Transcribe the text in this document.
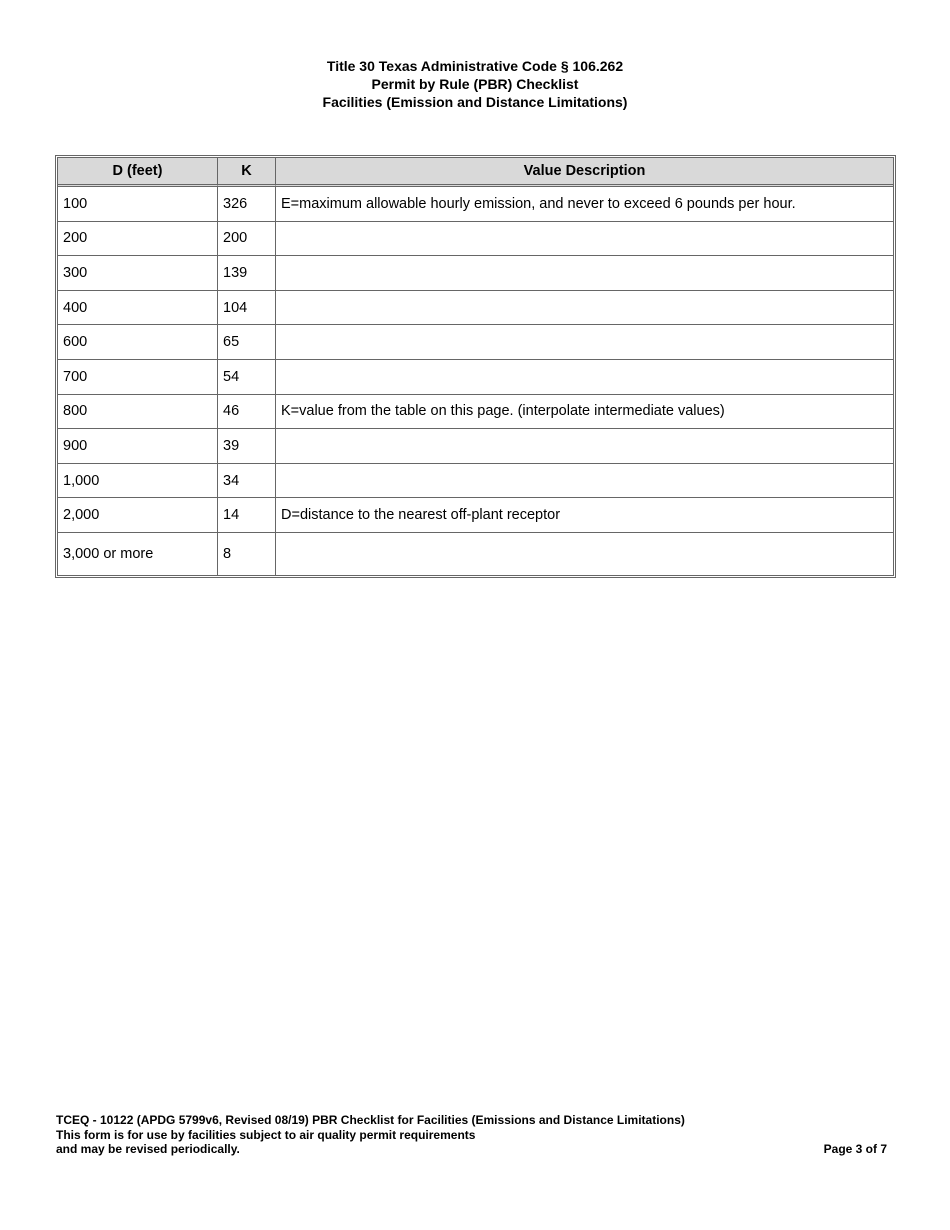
Title 30 Texas Administrative Code § 106.262
Permit by Rule (PBR) Checklist
Facilities (Emission and Distance Limitations)
D (feet)	K	Value Description
100	326	E=maximum allowable hourly emission, and never to exceed 6 pounds per hour.
200	200	
300	139	
400	104	
600	65	
700	54	
800	46	K=value from the table on this page. (interpolate intermediate values)
900	39	
1,000	34	
2,000	14	D=distance to the nearest off-plant receptor
3,000 or more	8	
TCEQ - 10122 (APDG 5799v6, Revised 08/19) PBR Checklist for Facilities (Emissions and Distance Limitations)
This form is for use by facilities subject to air quality permit requirements
and may be revised periodically.	Page 3 of 7
